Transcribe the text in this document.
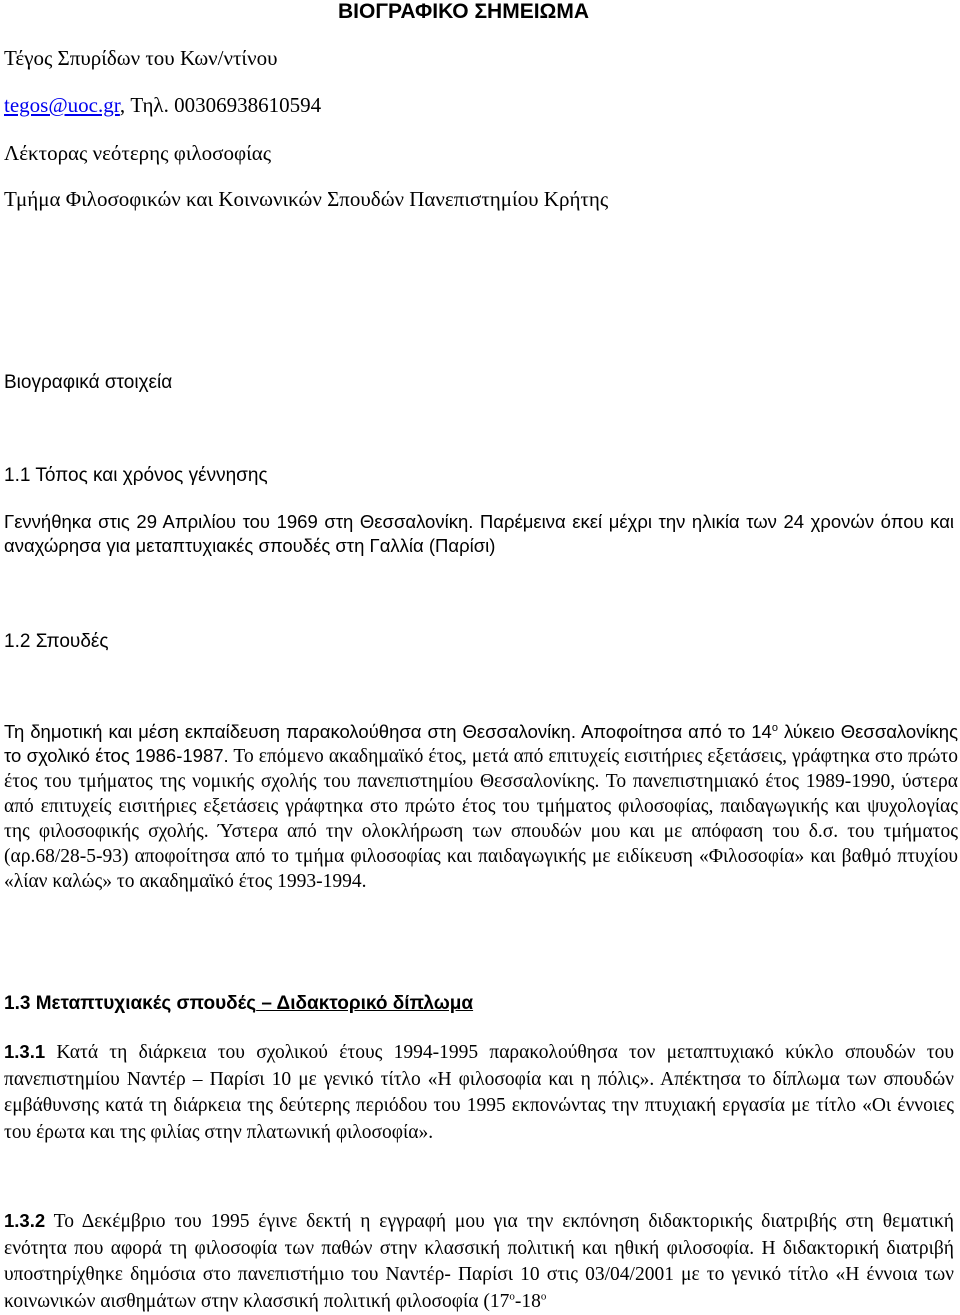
ΒΙΟΓΡΑΦΙΚΟ ΣΗΜΕΙΩΜΑ
Τέγος Σπυρίδων του Κων/ντίνου
tegos@uoc.gr, Τηλ. 00306938610594
Λέκτορας νεότερης φιλοσοφίας
Τμήμα Φιλοσοφικών και Κοινωνικών Σπουδών Πανεπιστημίου Κρήτης
Βιογραφικά στοιχεία
1.1 Τόπος και χρόνος γέννησης
Γεννήθηκα στις 29 Απριλίου του 1969 στη Θεσσαλονίκη. Παρέμεινα εκεί μέχρι την ηλικία των 24 χρονών όπου και αναχώρησα για μεταπτυχιακές σπουδές στη Γαλλία (Παρίσι)
1.2 Σπουδές
Τη δημοτική και μέση εκπαίδευση παρακολούθησα στη Θεσσαλονίκη. Αποφοίτησα από το $14^o$ λύκειο Θεσσαλονίκης το σχολικό έτος 1986-1987. Το επόμενο ακαδημαϊκό έτος, μετά από επιτυχείς εισιτήριες εξετάσεις, γράφτηκα στο πρώτο έτος του τμήματος της νομικής σχολής του πανεπιστημίου Θεσσαλονίκης. Το πανεπιστημιακό έτος 1989-1990, ύστερα από επιτυχείς εισιτήριες εξετάσεις γράφτηκα στο πρώτο έτος του τμήματος φιλοσοφίας, παιδαγωγικής και ψυχολογίας της φιλοσοφικής σχολής. Ύστερα από την ολοκλήρωση των σπουδών μου και με απόφαση του δ.σ. του τμήματος (αρ.68/28-5-93) αποφοίτησα από το τμήμα φιλοσοφίας και παιδαγωγικής με ειδίκευση «Φιλοσοφία» και βαθμό πτυχίου «λίαν καλώς» το ακαδημαϊκό έτος 1993-1994.
1.3 Μεταπτυχιακές σπουδές – Διδακτορικό δίπλωμα
1.3.1 Κατά τη διάρκεια του σχολικού έτους 1994-1995 παρακολούθησα τον μεταπτυχιακό κύκλο σπουδών του πανεπιστημίου Ναντέρ – Παρίσι 10 με γενικό τίτλο «Η φιλοσοφία και η πόλις». Απέκτησα το δίπλωμα των σπουδών εμβάθυνσης κατά τη διάρκεια της δεύτερης περιόδου του 1995 εκπονώντας την πτυχιακή εργασία με τίτλο «Οι έννοιες του έρωτα και της φιλίας στην πλατωνική φιλοσοφία».
1.3.2 Το Δεκέμβριο του 1995 έγινε δεκτή η εγγραφή μου για την εκπόνηση διδακτορικής διατριβής στη θεματική ενότητα που αφορά τη φιλοσοφία των παθών στην κλασσική πολιτική και ηθική φιλοσοφία. Η διδακτορική διατριβή υποστηρίχθηκε δημόσια στο πανεπιστήμιο του Ναντέρ- Παρίσι 10 στις 03/04/2001 με το γενικό τίτλο «Η έννοια των κοινωνικών αισθημάτων στην κλασσική πολιτική φιλοσοφία ($17^o-18^o$
